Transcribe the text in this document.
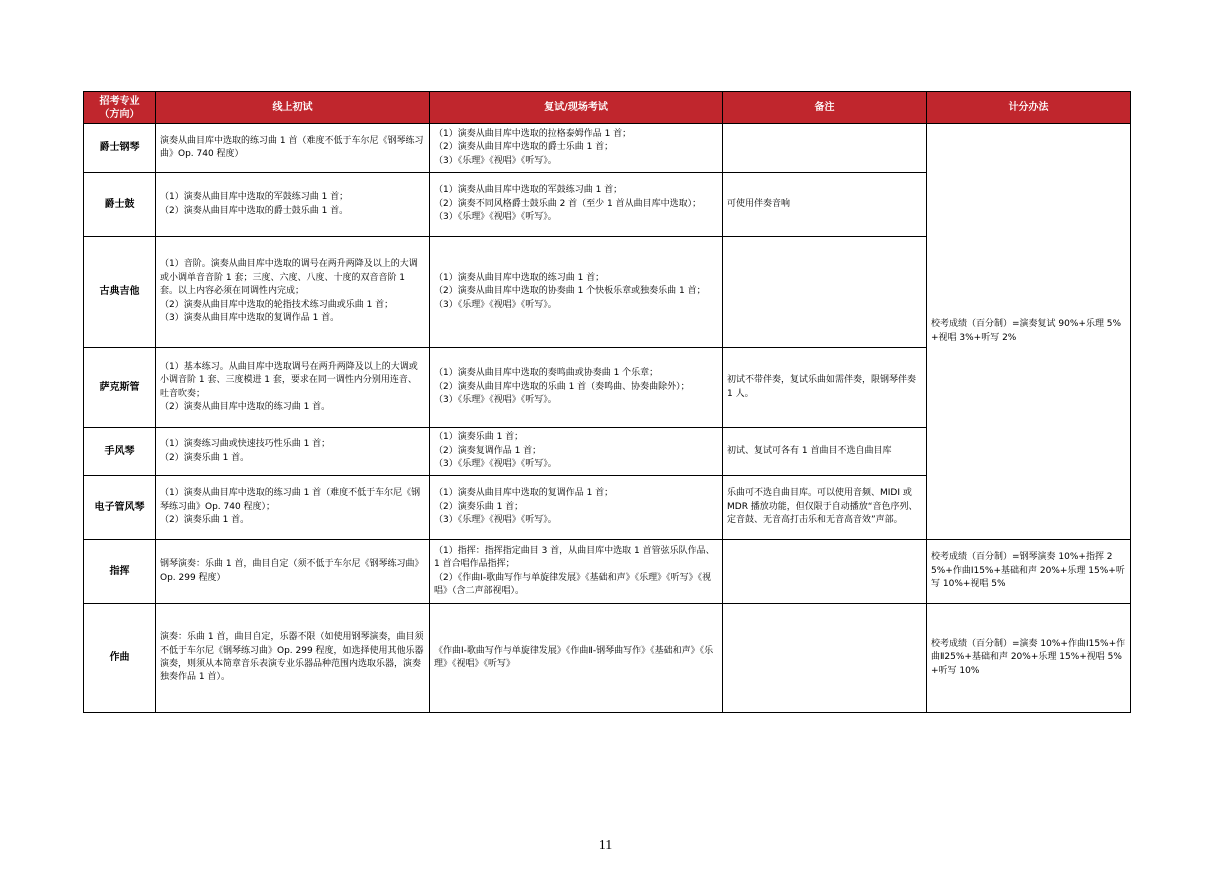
招考专业
（方向）	线上初试	复试/现场考试	备注	计分办法
爵士钢琴	演奏从曲目库中选取的练习曲 1 首（难度不低于车尔尼《钢琴练习曲》Op. 740 程度）	（1）演奏从曲目库中选取的拉格泰姆作品 1 首；
（2）演奏从曲目库中选取的爵士乐曲 1 首；
（3）《乐理》《视唱》《听写》。		校考成绩（百分制）=演奏复试 90%+乐理 5%+视唱 3%+听写 2%
爵士鼓	（1）演奏从曲目库中选取的军鼓练习曲 1 首；
（2）演奏从曲目库中选取的爵士鼓乐曲 1 首。	（1）演奏从曲目库中选取的军鼓练习曲 1 首；
（2）演奏不同风格爵士鼓乐曲 2 首（至少 1 首从曲目库中选取）；
（3）《乐理》《视唱》《听写》。	可使用伴奏音响	
古典吉他	（1）音阶。演奏从曲目库中选取的调号在两升两降及以上的大调或小调单音音阶 1 套；三度、六度、八度、十度的双音音阶 1 套。以上内容必须在同调性内完成；
（2）演奏从曲目库中选取的轮指技术练习曲或乐曲 1 首；
（3）演奏从曲目库中选取的复调作品 1 首。	（1）演奏从曲目库中选取的练习曲 1 首；
（2）演奏从曲目库中选取的协奏曲 1 个快板乐章或独奏乐曲 1 首；
（3）《乐理》《视唱》《听写》。		
萨克斯管	（1）基本练习。从曲目库中选取调号在两升两降及以上的大调或小调音阶 1 套、三度模进 1 套，要求在同一调性内分别用连音、吐音吹奏；
（2）演奏从曲目库中选取的练习曲 1 首。	（1）演奏从曲目库中选取的奏鸣曲或协奏曲 1 个乐章；
（2）演奏从曲目库中选取的乐曲 1 首（奏鸣曲、协奏曲除外）；
（3）《乐理》《视唱》《听写》。	初试不带伴奏，复试乐曲如需伴奏，限钢琴伴奏 1 人。	
手风琴	（1）演奏练习曲或快速技巧性乐曲 1 首；
（2）演奏乐曲 1 首。	（1）演奏乐曲 1 首；
（2）演奏复调作品 1 首；
（3）《乐理》《视唱》《听写》。	初试、复试可各有 1 首曲目不选自曲目库	
电子管风琴	（1）演奏从曲目库中选取的练习曲 1 首（难度不低于车尔尼《钢琴练习曲》Op. 740 程度）；
（2）演奏乐曲 1 首。	（1）演奏从曲目库中选取的复调作品 1 首；
（2）演奏乐曲 1 首；
（3）《乐理》《视唱》《听写》。	乐曲可不选自曲目库。可以使用音频、MIDI 或 MDR 播放功能，但仅限于自动播放“音色序列、定音鼓、无音高打击乐和无音高音效”声部。	
指挥	钢琴演奏：乐曲 1 首，曲目自定（须不低于车尔尼《钢琴练习曲》Op. 299 程度）	（1）指挥：指挥指定曲目 3 首，从曲目库中选取 1 首管弦乐队作品、1 首合唱作品指挥；
（2）《作曲Ⅰ-歌曲写作与单旋律发展》《基础和声》《乐理》《听写》《视唱》（含二声部视唱）。		校考成绩（百分制）=钢琴演奏 10%+指挥 25%+作曲Ⅰ15%+基础和声 20%+乐理 15%+听写 10%+视唱 5%
作曲	演奏：乐曲 1 首，曲目自定，乐器不限（如使用钢琴演奏，曲目须不低于车尔尼《钢琴练习曲》Op. 299 程度，如选择使用其他乐器演奏，则须从本简章音乐表演专业乐器品种范围内选取乐器，演奏独奏作品 1 首）。	《作曲Ⅰ-歌曲写作与单旋律发展》《作曲Ⅱ-钢琴曲写作》《基础和声》《乐理》《视唱》《听写》		校考成绩（百分制）=演奏 10%+作曲Ⅰ15%+作曲Ⅱ25%+基础和声 20%+乐理 15%+视唱 5%+听写 10%
11
